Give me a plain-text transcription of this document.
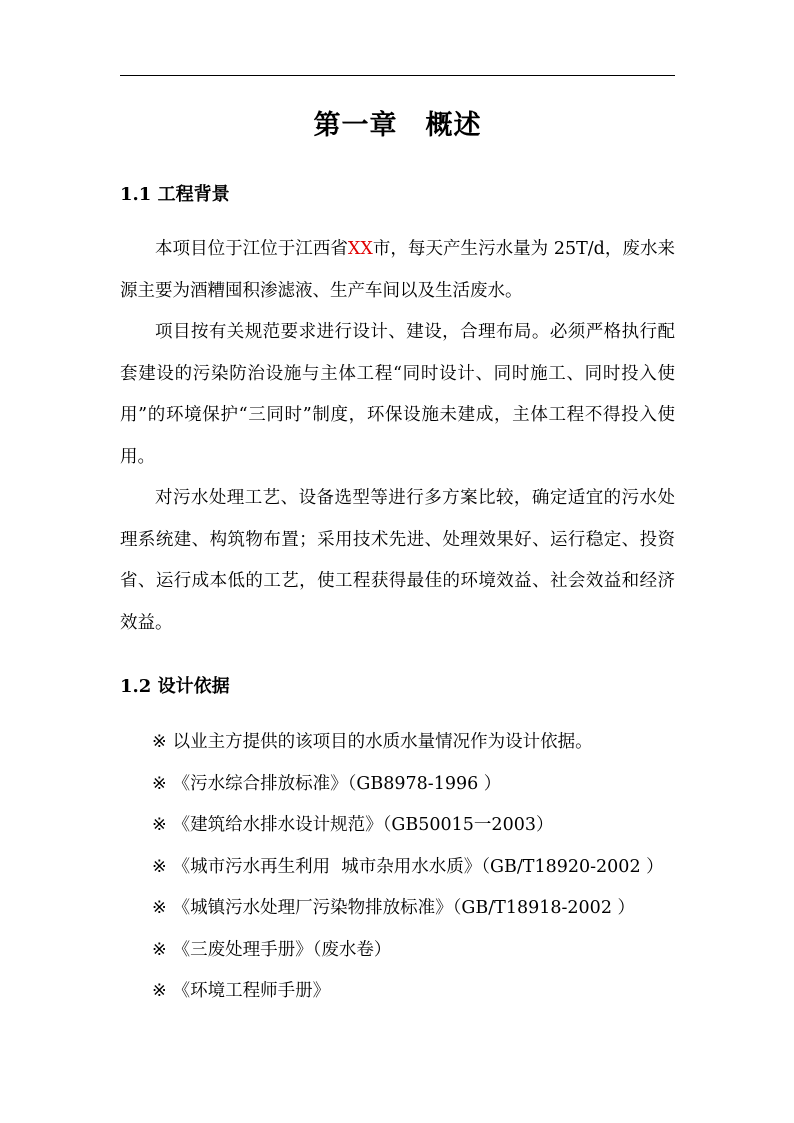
第一章　概述
1.1 工程背景
本项目位于江位于江西省XX市，每天产生污水量为 25T/d，废水来源主要为酒糟囤积渗滤液、生产车间以及生活废水。
项目按有关规范要求进行设计、建设，合理布局。必须严格执行配套建设的污染防治设施与主体工程“同时设计、同时施工、同时投入使用”的环境保护“三同时”制度，环保设施未建成，主体工程不得投入使用。
对污水处理工艺、设备选型等进行多方案比较，确定适宜的污水处理系统建、构筑物布置；采用技术先进、处理效果好、运行稳定、投资省、运行成本低的工艺，使工程获得最佳的环境效益、社会效益和经济效益。
1.2 设计依据
※ 以业主方提供的该项目的水质水量情况作为设计依据。
※ 《污水综合排放标准》（GB8978-1996 ）
※ 《建筑给水排水设计规范》（GB50015一2003）
※ 《城市污水再生利用  城市杂用水水质》（GB/T18920-2002 ）
※ 《城镇污水处理厂污染物排放标准》（GB/T18918-2002 ）
※ 《三废处理手册》（废水卷）
※ 《环境工程师手册》
